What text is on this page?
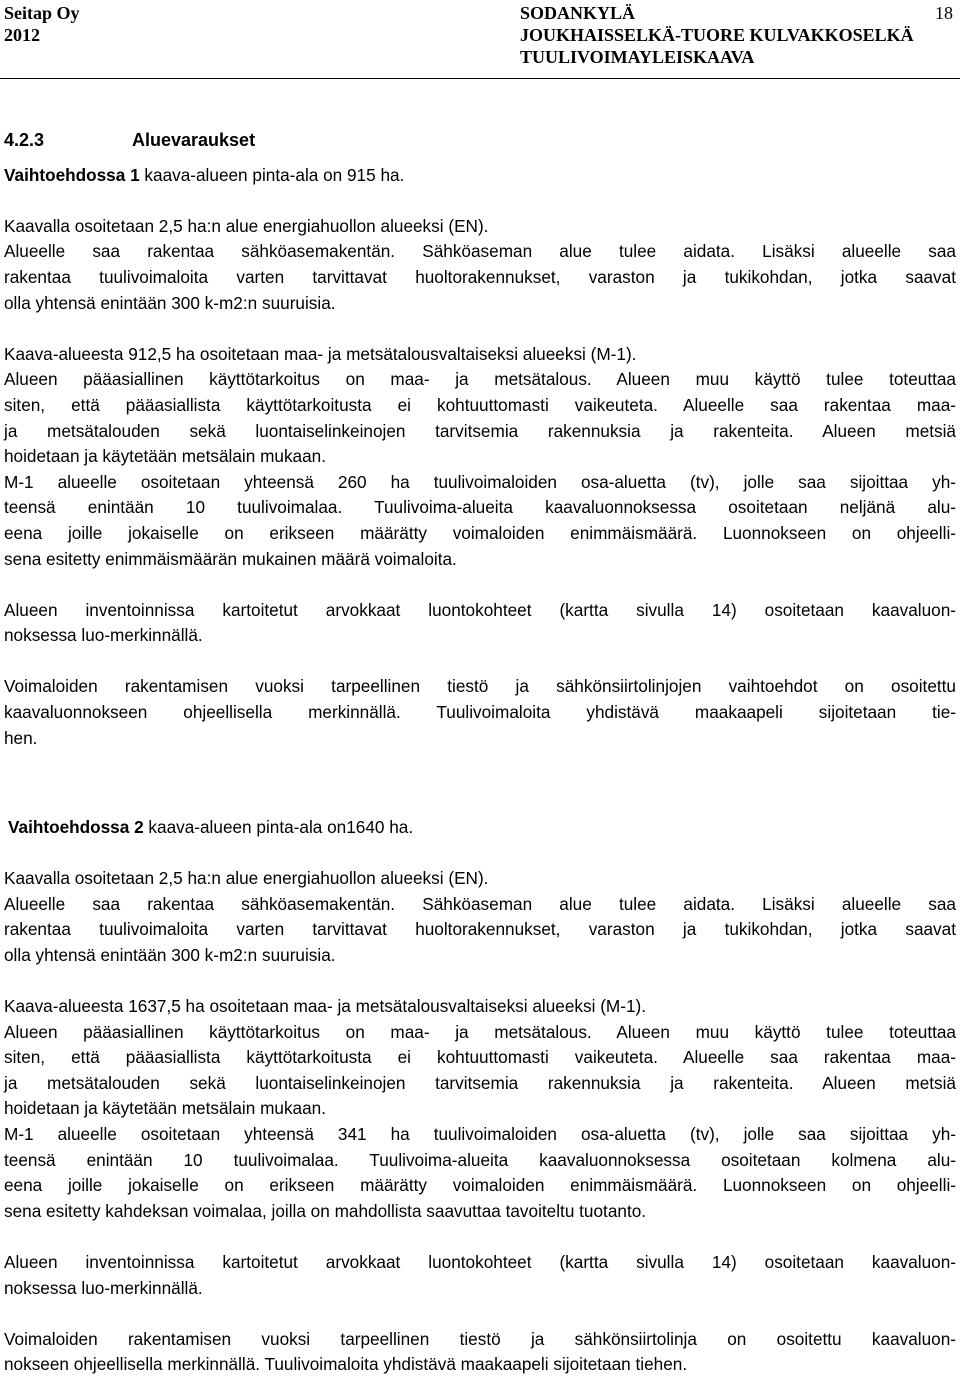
Seitap Oy
2012
SODANKYLÄ
JOUKHAISSELKÄ-TUORE KULVAKKOSELKÄ
TUULIVOIMAYLEISKAAVA
18

4.2.3	Aluevaraukset

Vaihtoehdossa 1 kaava-alueen pinta-ala on 915 ha.

Kaavalla osoitetaan 2,5 ha:n alue energiahuollon alueeksi (EN).

Alueelle saa rakentaa sähköasemakentän. Sähköaseman alue tulee aidata. Lisäksi alueelle saa

rakentaa tuulivoimaloita varten tarvittavat huoltorakennukset, varaston ja tukikohdan, jotka saavat

olla yhtensä enintään 300 k-m2:n suuruisia.

Kaava-alueesta 912,5 ha osoitetaan maa- ja metsätalousvaltaiseksi alueeksi (M-1).

Alueen pääasiallinen käyttötarkoitus on maa- ja metsätalous. Alueen muu käyttö tulee toteuttaa

siten, että pääasiallista käyttötarkoitusta ei kohtuuttomasti vaikeuteta. Alueelle saa rakentaa maa-

ja metsätalouden sekä luontaiselinkeinojen tarvitsemia rakennuksia ja rakenteita. Alueen metsiä

hoidetaan ja käytetään metsälain mukaan.

M-1 alueelle osoitetaan yhteensä 260 ha tuulivoimaloiden osa-aluetta (tv), jolle saa sijoittaa yh-

teensä enintään 10 tuulivoimalaa. Tuulivoima-alueita kaavaluonnoksessa osoitetaan neljänä alu-

eena joille jokaiselle on erikseen määrätty voimaloiden enimmäismäärä. Luonnokseen on ohjeelli-

sena esitetty enimmäismäärän mukainen määrä voimaloita.

Alueen inventoinnissa kartoitetut arvokkaat luontokohteet (kartta sivulla 14) osoitetaan kaavaluon-

noksessa luo-merkinnällä.

Voimaloiden rakentamisen vuoksi tarpeellinen tiestö ja sähkönsiirtolinjojen vaihtoehdot on osoitettu

kaavaluonnokseen ohjeellisella merkinnällä. Tuulivoimaloita yhdistävä maakaapeli sijoitetaan tie-

hen.

Vaihtoehdossa 2 kaava-alueen pinta-ala on1640 ha.

Kaavalla osoitetaan 2,5 ha:n alue energiahuollon alueeksi (EN).

Alueelle saa rakentaa sähköasemakentän. Sähköaseman alue tulee aidata. Lisäksi alueelle saa

rakentaa tuulivoimaloita varten tarvittavat huoltorakennukset, varaston ja tukikohdan, jotka saavat

olla yhtensä enintään 300 k-m2:n suuruisia.

Kaava-alueesta 1637,5 ha osoitetaan maa- ja metsätalousvaltaiseksi alueeksi (M-1).

Alueen pääasiallinen käyttötarkoitus on maa- ja metsätalous. Alueen muu käyttö tulee toteuttaa

siten, että pääasiallista käyttötarkoitusta ei kohtuuttomasti vaikeuteta. Alueelle saa rakentaa maa-

ja metsätalouden sekä luontaiselinkeinojen tarvitsemia rakennuksia ja rakenteita. Alueen metsiä

hoidetaan ja käytetään metsälain mukaan.

M-1 alueelle osoitetaan yhteensä 341 ha tuulivoimaloiden osa-aluetta (tv), jolle saa sijoittaa yh-

teensä enintään 10 tuulivoimalaa. Tuulivoima-alueita kaavaluonnoksessa osoitetaan kolmena alu-

eena joille jokaiselle on erikseen määrätty voimaloiden enimmäismäärä. Luonnokseen on ohjeelli-

sena esitetty kahdeksan voimalaa, joilla on mahdollista saavuttaa tavoiteltu tuotanto.

Alueen inventoinnissa kartoitetut arvokkaat luontokohteet (kartta sivulla 14) osoitetaan kaavaluon-

noksessa luo-merkinnällä.

Voimaloiden rakentamisen vuoksi tarpeellinen tiestö ja sähkönsiirtolinja on osoitettu kaavaluon-

nokseen ohjeellisella merkinnällä. Tuulivoimaloita yhdistävä maakaapeli sijoitetaan tiehen.
